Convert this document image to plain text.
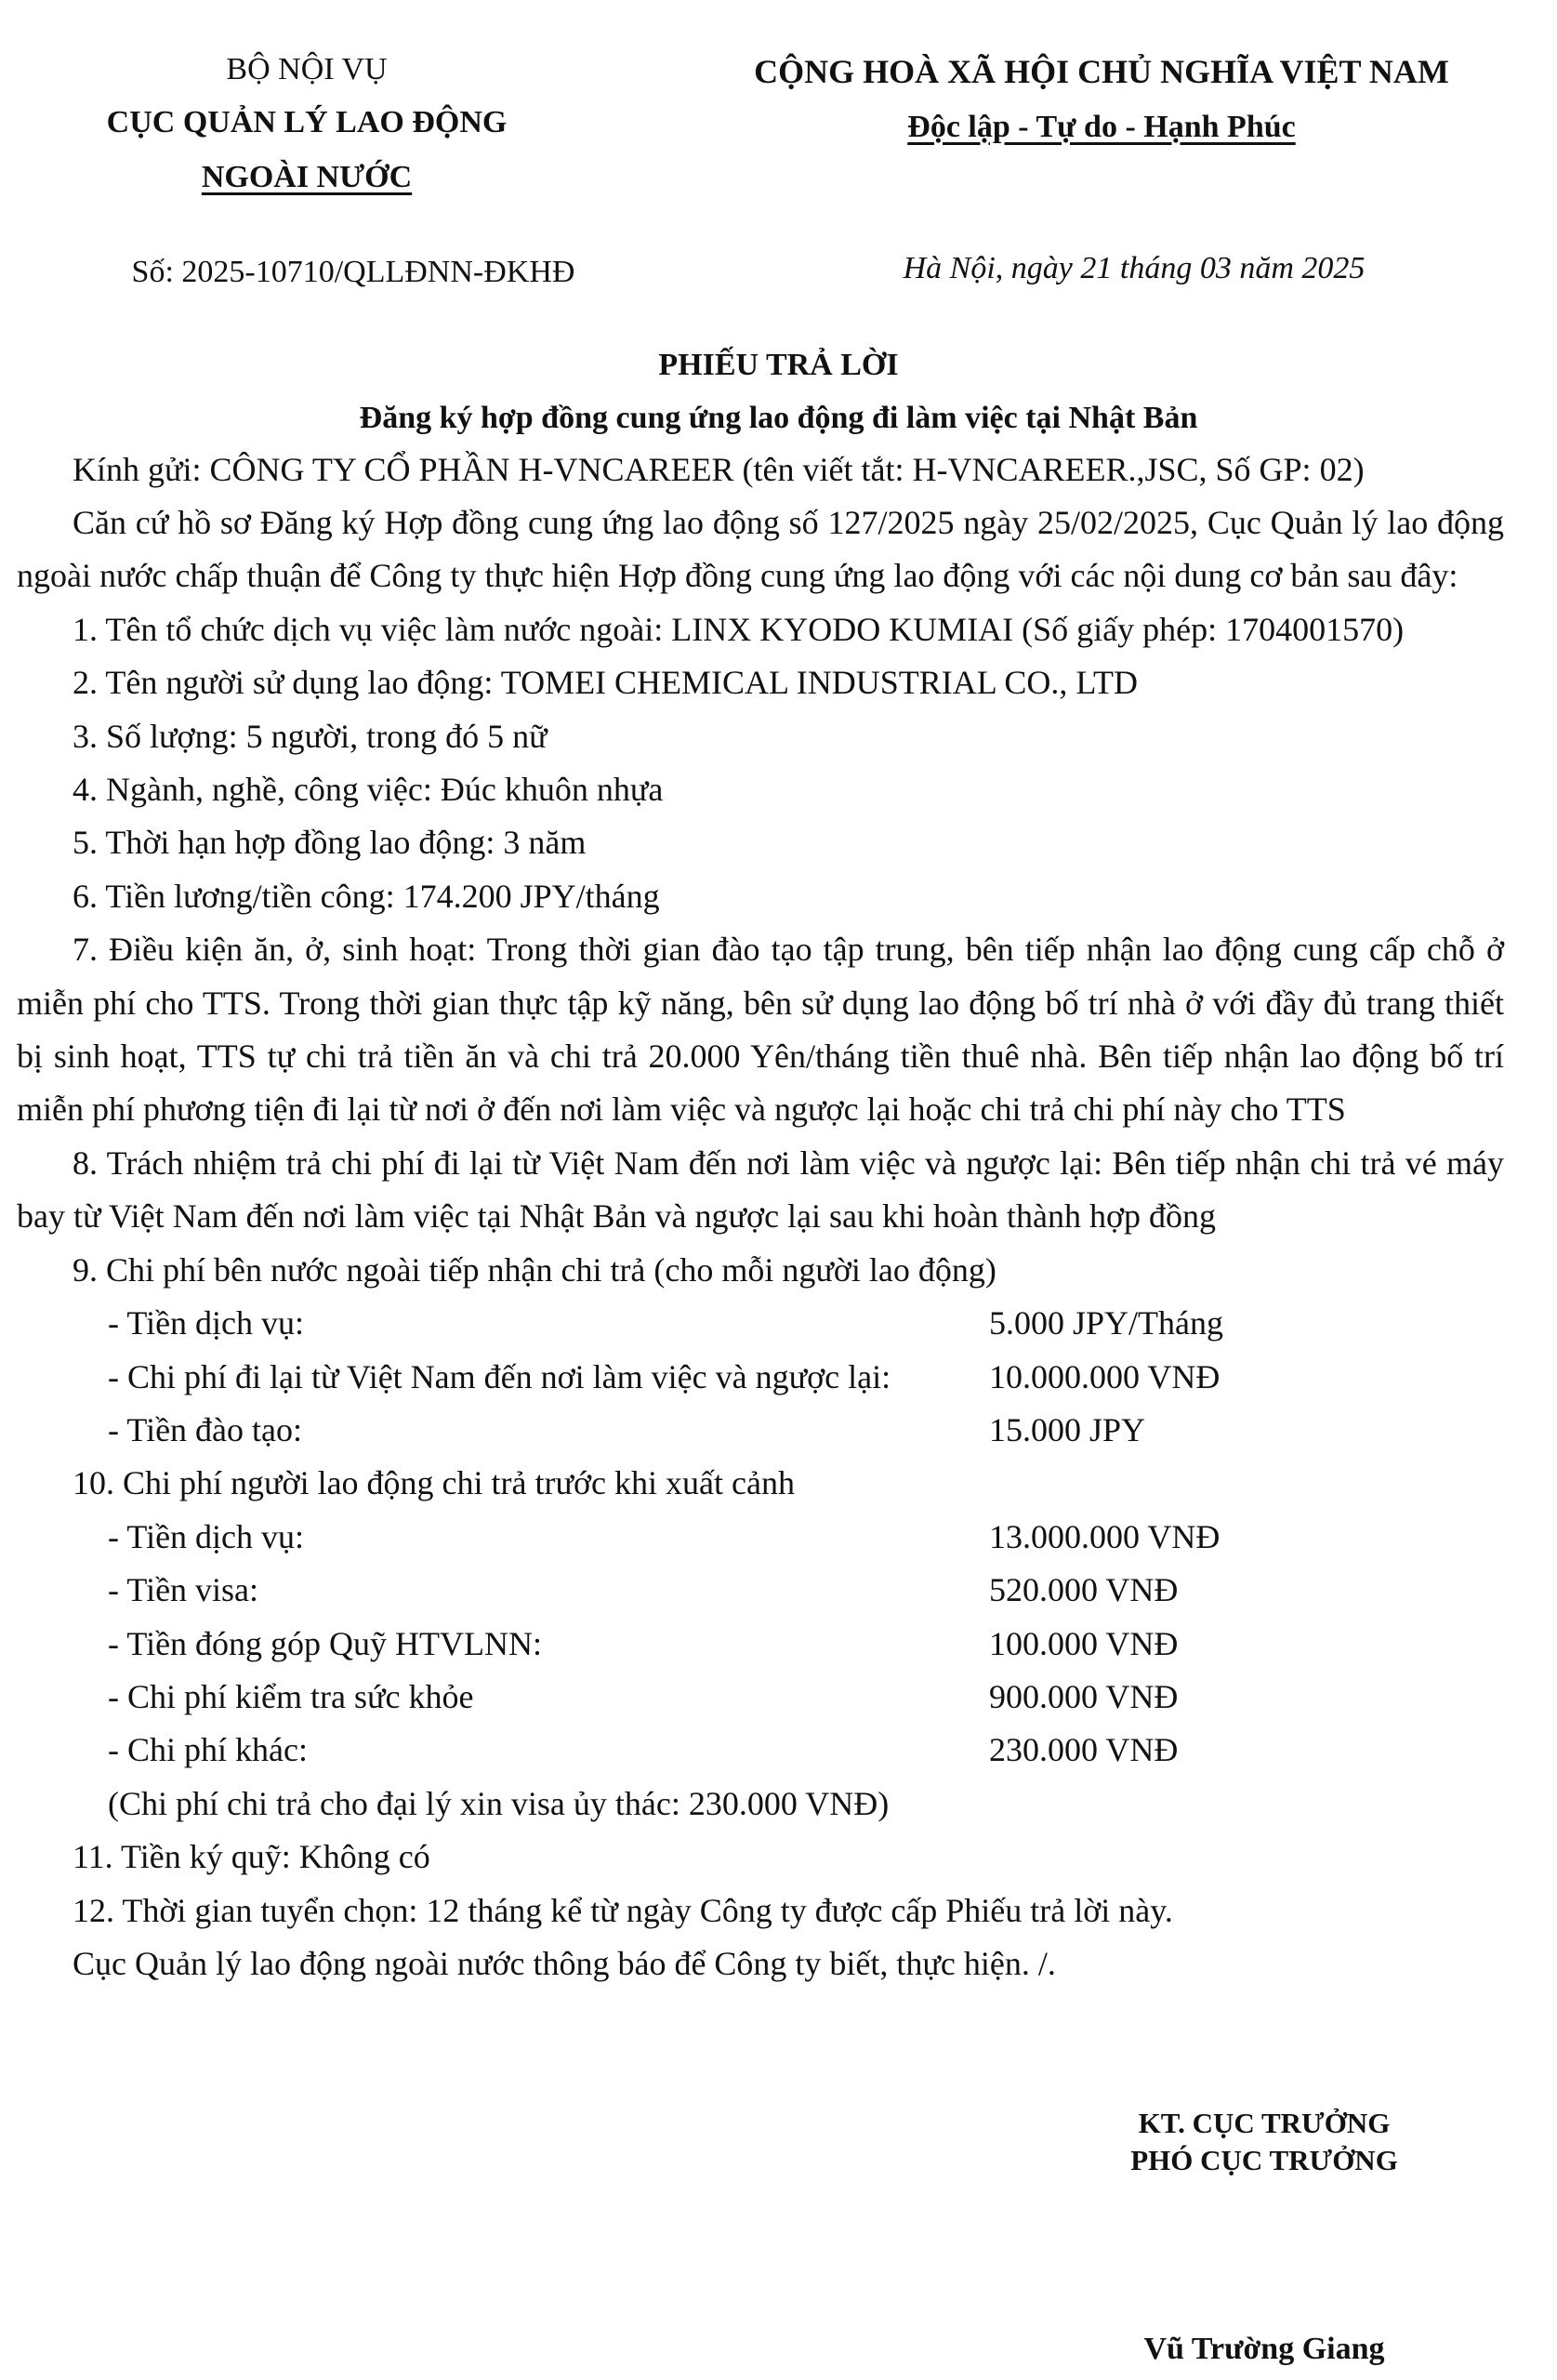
BỘ NỘI VỤ
CỤC QUẢN LÝ LAO ĐỘNG
NGOÀI NƯỚC
Số: 2025-10710/QLLĐNN-ĐKHĐ
CỘNG HOÀ XÃ HỘI CHỦ NGHĨA VIỆT NAM
Độc lập - Tự do - Hạnh Phúc
Hà Nội, ngày 21 tháng 03 năm 2025
PHIẾU TRẢ LỜI
Đăng ký hợp đồng cung ứng lao động đi làm việc tại Nhật Bản
Kính gửi: CÔNG TY CỔ PHẦN H-VNCAREER (tên viết tắt: H-VNCAREER.,JSC, Số GP: 02)

Căn cứ hồ sơ Đăng ký Hợp đồng cung ứng lao động số 127/2025 ngày 25/02/2025, Cục Quản lý lao động ngoài nước chấp thuận để Công ty thực hiện Hợp đồng cung ứng lao động với các nội dung cơ bản sau đây:

1. Tên tổ chức dịch vụ việc làm nước ngoài: LINX KYODO KUMIAI (Số giấy phép: 1704001570)

2. Tên người sử dụng lao động: TOMEI CHEMICAL INDUSTRIAL CO., LTD

3. Số lượng: 5 người, trong đó 5 nữ

4. Ngành, nghề, công việc: Đúc khuôn nhựa

5. Thời hạn hợp đồng lao động: 3 năm

6. Tiền lương/tiền công: 174.200 JPY/tháng

7. Điều kiện ăn, ở, sinh hoạt: Trong thời gian đào tạo tập trung, bên tiếp nhận lao động cung cấp chỗ ở miễn phí cho TTS. Trong thời gian thực tập kỹ năng, bên sử dụng lao động bố trí nhà ở với đầy đủ trang thiết bị sinh hoạt, TTS tự chi trả tiền ăn và chi trả 20.000 Yên/tháng tiền thuê nhà. Bên tiếp nhận lao động bố trí miễn phí phương tiện đi lại từ nơi ở đến nơi làm việc và ngược lại hoặc chi trả chi phí này cho TTS

8. Trách nhiệm trả chi phí đi lại từ Việt Nam đến nơi làm việc và ngược lại: Bên tiếp nhận chi trả vé máy bay từ Việt Nam đến nơi làm việc tại Nhật Bản và ngược lại sau khi hoàn thành hợp đồng

9. Chi phí bên nước ngoài tiếp nhận chi trả (cho mỗi người lao động)

- Tiền dịch vụ:	5.000 JPY/Tháng
- Chi phí đi lại từ Việt Nam đến nơi làm việc và ngược lại:	10.000.000 VNĐ
- Tiền đào tạo:	15.000 JPY

10. Chi phí người lao động chi trả trước khi xuất cảnh

- Tiền dịch vụ:	13.000.000 VNĐ
- Tiền visa:	520.000 VNĐ
- Tiền đóng góp Quỹ HTVLNN:	100.000 VNĐ
- Chi phí kiểm tra sức khỏe	900.000 VNĐ
- Chi phí khác:	230.000 VNĐ

(Chi phí chi trả cho đại lý xin visa ủy thác: 230.000 VNĐ)

11. Tiền ký quỹ: Không có

12. Thời gian tuyển chọn: 12 tháng kể từ ngày Công ty được cấp Phiếu trả lời này.

Cục Quản lý lao động ngoài nước thông báo để Công ty biết, thực hiện. /.

KT. CỤC TRƯỞNG
PHÓ CỤC TRƯỞNG
Vũ Trường Giang
